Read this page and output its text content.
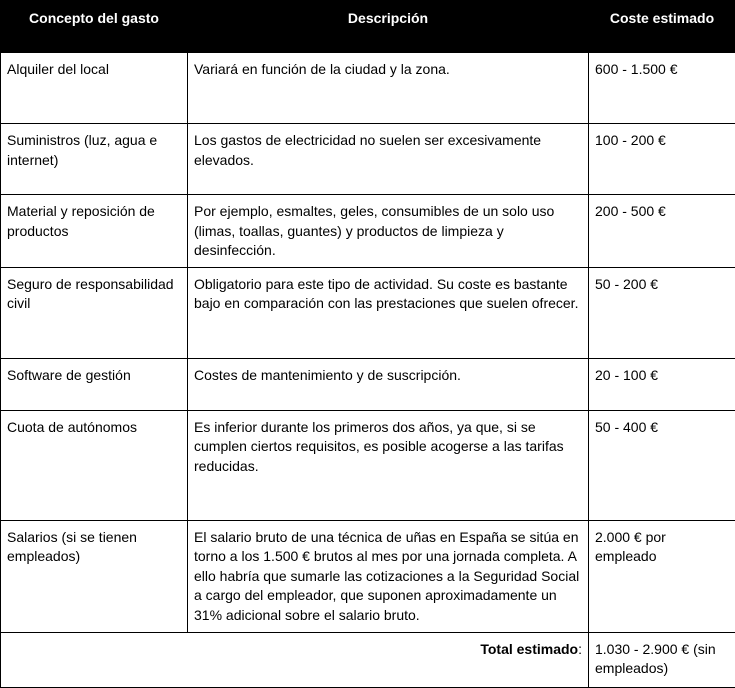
Concepto del gasto	Descripción	Coste estimado
Alquiler del local	Variará en función de la ciudad y la zona.	600 - 1.500 €
Suministros (luz, agua e internet)	Los gastos de electricidad no suelen ser excesivamente elevados.	100 - 200 €
Material y reposición de productos	Por ejemplo, esmaltes, geles, consumibles de un solo uso (limas, toallas, guantes) y productos de limpieza y desinfección.	200 - 500 €
Seguro de responsabilidad civil	Obligatorio para este tipo de actividad. Su coste es bastante bajo en comparación con las prestaciones que suelen ofrecer.	50 - 200 €
Software de gestión	Costes de mantenimiento y de suscripción.	20 - 100 €
Cuota de autónomos	Es inferior durante los primeros dos años, ya que, si se cumplen ciertos requisitos, es posible acogerse a las tarifas reducidas.	50 - 400 €
Salarios (si se tienen empleados)	El salario bruto de una técnica de uñas en España se sitúa en torno a los 1.500 € brutos al mes por una jornada completa. A ello habría que sumarle las cotizaciones a la Seguridad Social a cargo del empleador, que suponen aproximadamente un 31% adicional sobre el salario bruto.	2.000 € por empleado
Total estimado:		1.030 - 2.900 € (sin empleados)
